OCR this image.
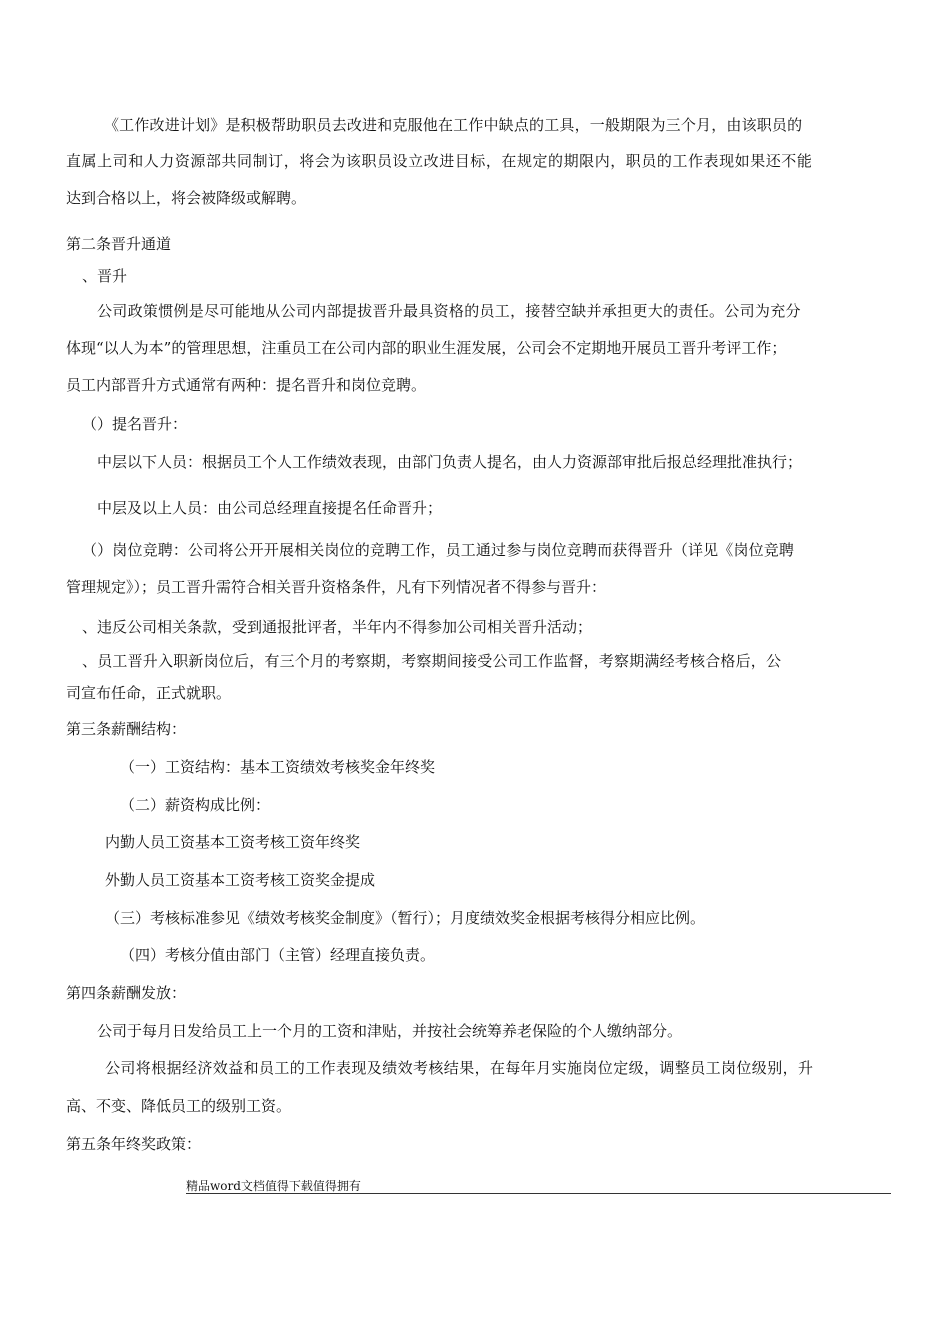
《工作改进计划》是积极帮助职员去改进和克服他在工作中缺点的工具，一般期限为三个月，由该职员的
直属上司和人力资源部共同制订，将会为该职员设立改进目标，在规定的期限内，职员的工作表现如果还不能
达到合格以上，将会被降级或解聘。
第二条晋升通道
、晋升
公司政策惯例是尽可能地从公司内部提拔晋升最具资格的员工，接替空缺并承担更大的责任。公司为充分
体现“以人为本”的管理思想，注重员工在公司内部的职业生涯发展，公司会不定期地开展员工晋升考评工作；
员工内部晋升方式通常有两种：提名晋升和岗位竞聘。
（）提名晋升：
中层以下人员：根据员工个人工作绩效表现，由部门负责人提名，由人力资源部审批后报总经理批准执行；
中层及以上人员：由公司总经理直接提名任命晋升；
（）岗位竞聘：公司将公开开展相关岗位的竞聘工作，员工通过参与岗位竞聘而获得晋升（详见《岗位竞聘
管理规定》）；员工晋升需符合相关晋升资格条件，凡有下列情况者不得参与晋升：
、违反公司相关条款，受到通报批评者，半年内不得参加公司相关晋升活动；
、员工晋升入职新岗位后，有三个月的考察期，考察期间接受公司工作监督，考察期满经考核合格后，公
司宣布任命，正式就职。
第三条薪酬结构：
（一）工资结构：基本工资绩效考核奖金年终奖
（二）薪资构成比例：
内勤人员工资基本工资考核工资年终奖
外勤人员工资基本工资考核工资奖金提成
（三）考核标准参见《绩效考核奖金制度》（暂行）；月度绩效奖金根据考核得分相应比例。
（四）考核分值由部门（主管）经理直接负责。
第四条薪酬发放：
公司于每月日发给员工上一个月的工资和津贴，并按社会统筹养老保险的个人缴纳部分。
公司将根据经济效益和员工的工作表现及绩效考核结果，在每年月实施岗位定级，调整员工岗位级别，升
高、不变、降低员工的级别工资。
第五条年终奖政策：
精品word文档值得下载值得拥有
